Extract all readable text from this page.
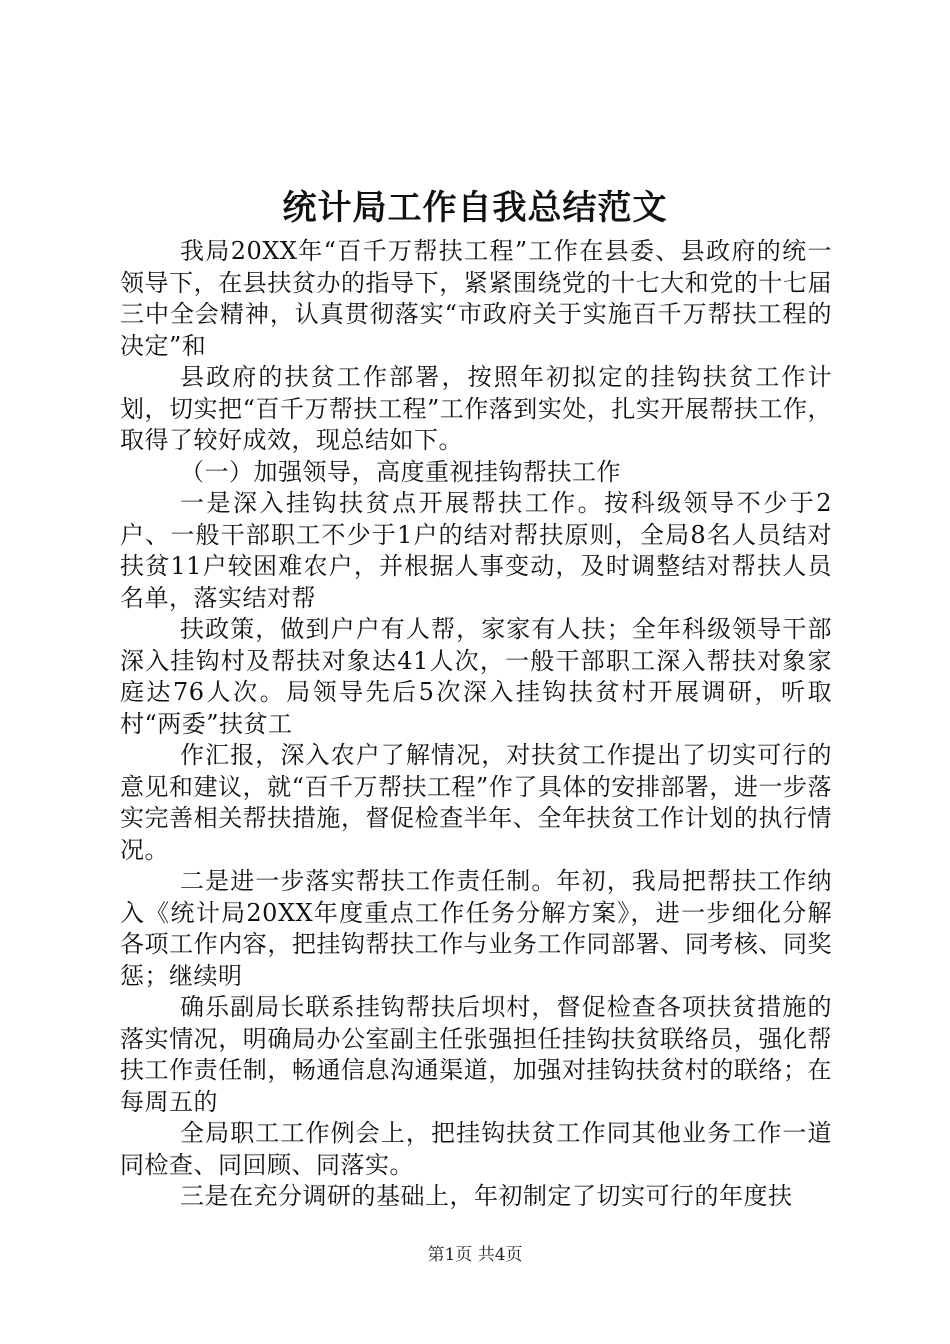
统计局工作自我总结范文

我局20XX年“百千万帮扶工程”工作在县委、县政府的统一领导下，在县扶贫办的指导下，紧紧围绕党的十七大和党的十七届三中全会精神，认真贯彻落实“市政府关于实施百千万帮扶工程的决定”和

县政府的扶贫工作部署，按照年初拟定的挂钩扶贫工作计划，切实把“百千万帮扶工程”工作落到实处，扎实开展帮扶工作，取得了较好成效，现总结如下。

（一）加强领导，高度重视挂钩帮扶工作

一是深入挂钩扶贫点开展帮扶工作。按科级领导不少于2户、一般干部职工不少于1户的结对帮扶原则，全局8名人员结对扶贫11户较困难农户，并根据人事变动，及时调整结对帮扶人员名单，落实结对帮

扶政策，做到户户有人帮，家家有人扶；全年科级领导干部深入挂钩村及帮扶对象达41人次，一般干部职工深入帮扶对象家庭达76人次。局领导先后5次深入挂钩扶贫村开展调研，听取村“两委”扶贫工

作汇报，深入农户了解情况，对扶贫工作提出了切实可行的意见和建议，就“百千万帮扶工程”作了具体的安排部署，进一步落实完善相关帮扶措施，督促检查半年、全年扶贫工作计划的执行情况。

二是进一步落实帮扶工作责任制。年初，我局把帮扶工作纳入《统计局20XX年度重点工作任务分解方案》，进一步细化分解各项工作内容，把挂钩帮扶工作与业务工作同部署、同考核、同奖惩；继续明

确乐副局长联系挂钩帮扶后坝村，督促检查各项扶贫措施的落实情况，明确局办公室副主任张强担任挂钩扶贫联络员，强化帮扶工作责任制，畅通信息沟通渠道，加强对挂钩扶贫村的联络；在每周五的

全局职工工作例会上，把挂钩扶贫工作同其他业务工作一道同检查、同回顾、同落实。

三是在充分调研的基础上，年初制定了切实可行的年度扶

第1页 共4页
